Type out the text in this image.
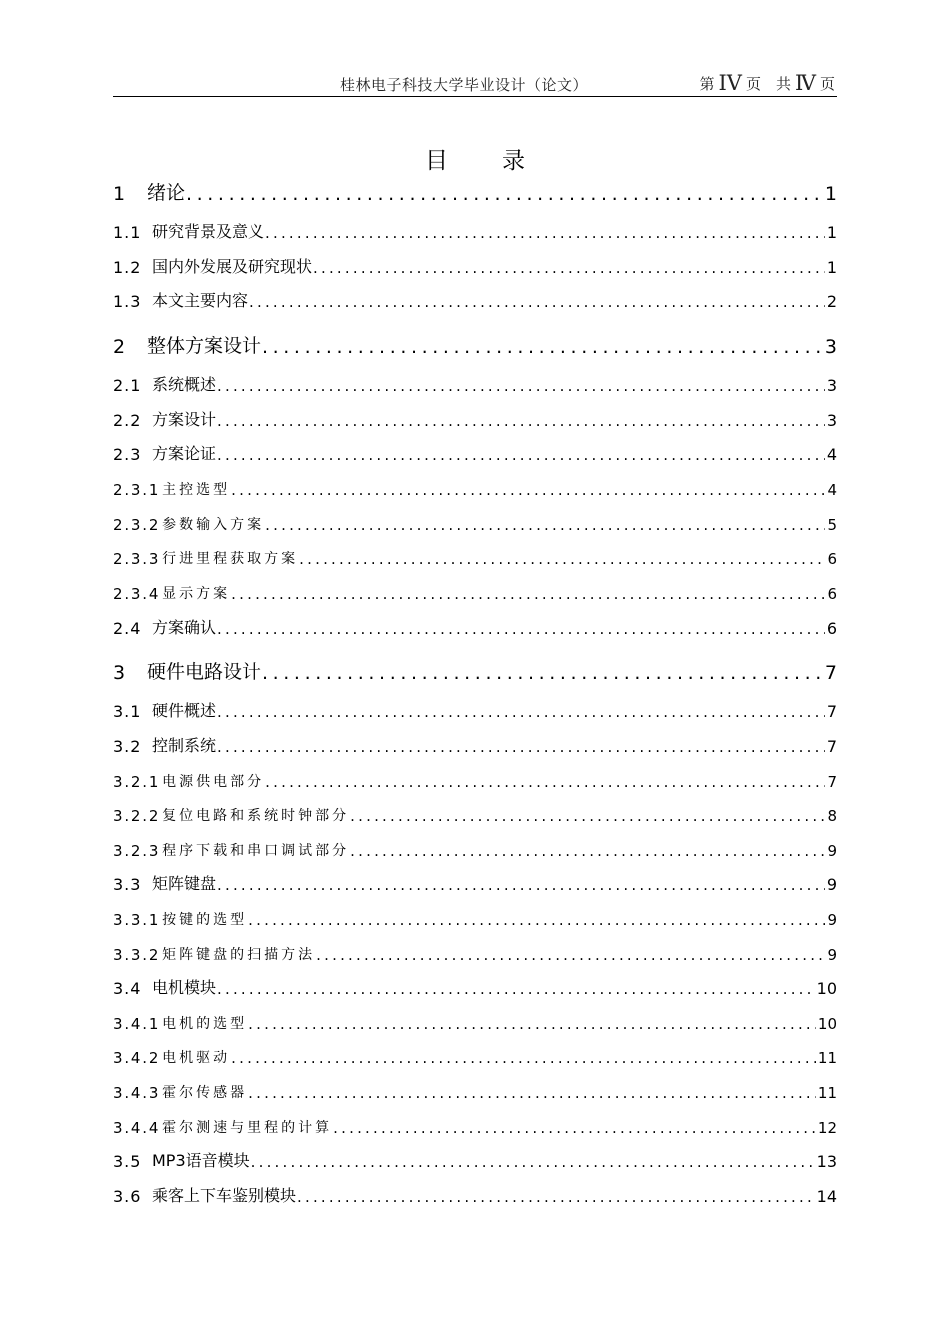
桂林电子科技大学毕业设计（论文）	第 IV 页　共 Ⅳ 页
目 录
1	绪论 .....	1
1.1 研究背景及意义 .....	1
1.2 国内外发展及研究现状 .....	1
1.3 本文主要内容 .....	2
2	整体方案设计 .....	3
2.1 系统概述 .....	3
2.2 方案设计 .....	3
2.3 方案论证 .....	4
2.3.1 主控选型 .....	4
2.3.2 参数输入方案 .....	5
2.3.3 行进里程获取方案 .....	6
2.3.4 显示方案 .....	6
2.4 方案确认 .....	6
3	硬件电路设计 .....	7
3.1 硬件概述 .....	7
3.2 控制系统 .....	7
3.2.1 电源供电部分 .....	7
3.2.2 复位电路和系统时钟部分 .....	8
3.2.3 程序下载和串口调试部分 .....	9
3.3 矩阵键盘 .....	9
3.3.1 按键的选型 .....	9
3.3.2 矩阵键盘的扫描方法 .....	9
3.4 电机模块 .....	10
3.4.1 电机的选型 .....	10
3.4.2 电机驱动 .....	11
3.4.3 霍尔传感器 .....	11
3.4.4 霍尔测速与里程的计算 .....	12
3.5 MP3语音模块 .....	13
3.6 乘客上下车鉴别模块 .....	14
